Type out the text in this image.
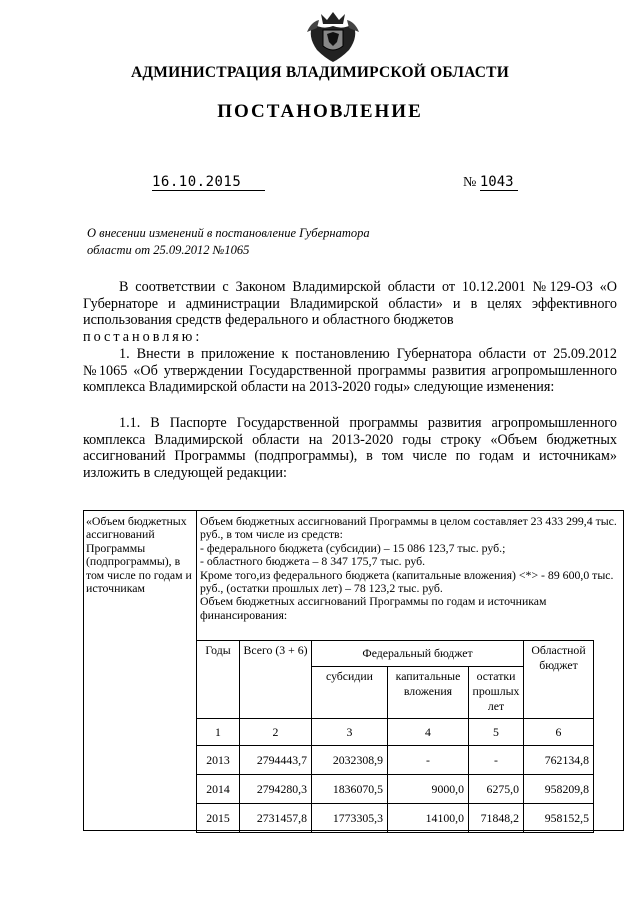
АДМИНИСТРАЦИЯ ВЛАДИМИРСКОЙ ОБЛАСТИ
ПОСТАНОВЛЕНИЕ
16.10.2015	№ 1043
О внесении изменений в постановление Губернатора
области от 25.09.2012 №1065

В соответствии с Законом Владимирской области от 10.12.2001 №129-ОЗ «О Губернаторе и администрации Владимирской области» и в целях эффективного использования средств федерального и областного бюджетов
постановляю:

1. Внести в приложение к постановлению Губернатора области от 25.09.2012 №1065 «Об утверждении Государственной программы развития агропромышленного комплекса Владимирской области на 2013-2020 годы» следующие изменения:

1.1. В Паспорте Государственной программы развития агропромышленного комплекса Владимирской области на 2013-2020 годы строку «Объем бюджетных ассигнований Программы (подпрограммы), в том числе по годам и источникам» изложить в следующей редакции:

«Объем бюджетных ассигнований Программы (подпрограммы), в том числе по годам и источникам

Объем бюджетных ассигнований Программы в целом составляет 23 433 299,4 тыс. руб., в том числе из средств:

- федерального бюджета (субсидии) – 15 086 123,7 тыс. руб.;

- областного бюджета – 8 347 175,7 тыс. руб.

Кроме того,из федерального бюджета (капитальные вложения) <*> - 89 600,0 тыс. руб., (остатки прошлых лет) – 78 123,2 тыс. руб.

Объем бюджетных ассигнований Программы по годам и источникам финансирования:

Годы	Всего (3 + 6)	Федеральный бюджет			Областной бюджет
		субсидии	капитальные вложения	остатки прошлых лет	
1	2	3	4	5	6
2013	2794443,7	2032308,9	-	-	762134,8
2014	2794280,3	1836070,5	9000,0	6275,0	958209,8
2015	2731457,8	1773305,3	14100,0	71848,2	958152,5
